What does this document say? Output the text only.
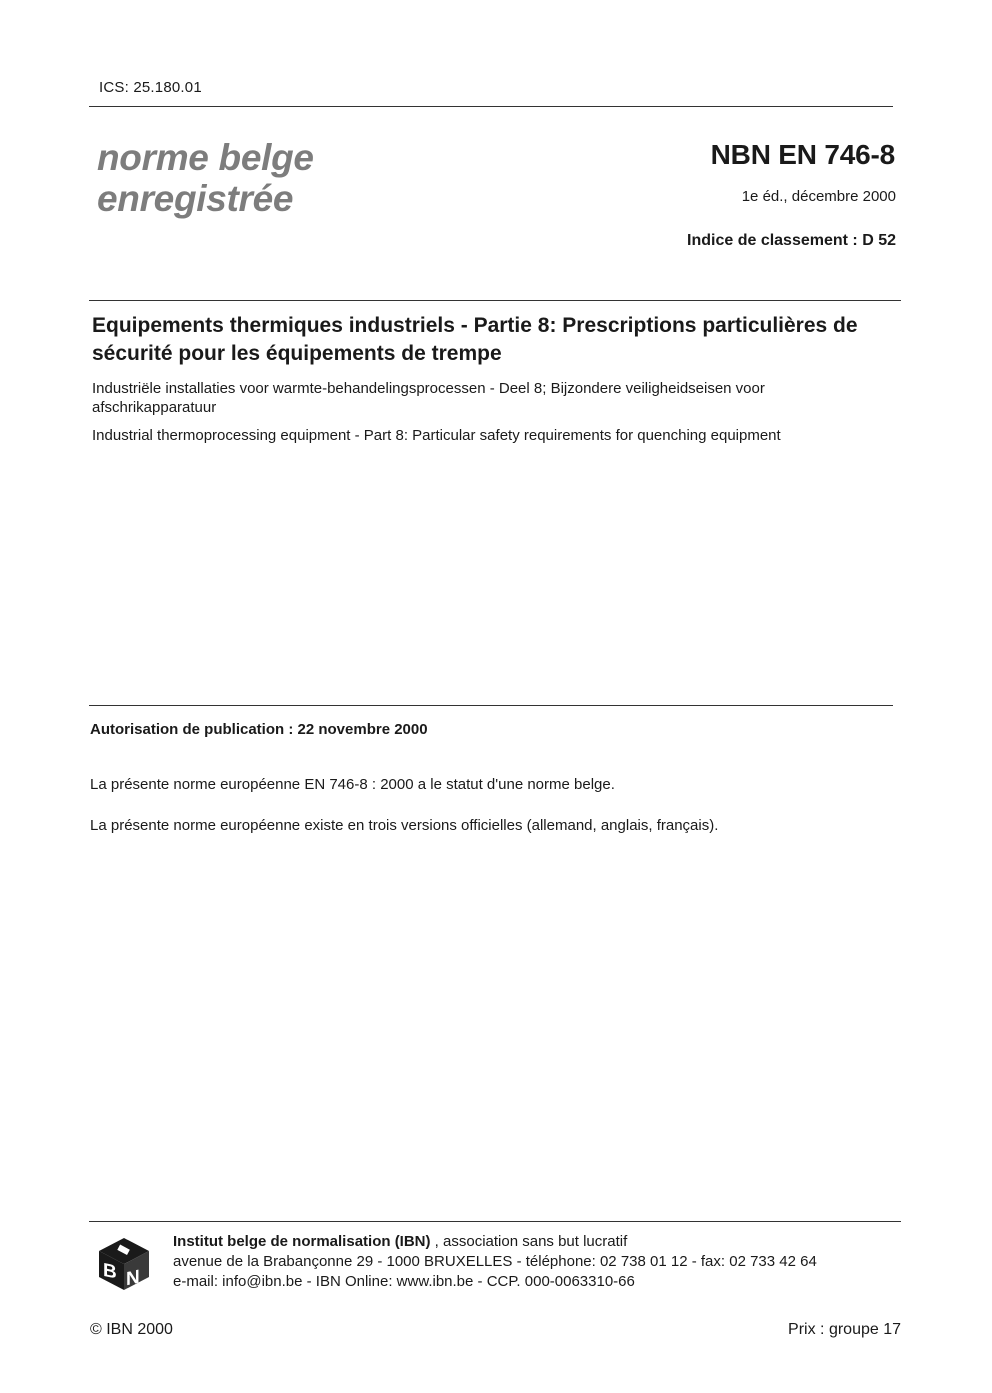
ICS: 25.180.01
norme belge
enregistrée
NBN EN 746-8
1e éd., décembre 2000
Indice de classement : D 52
Equipements thermiques industriels - Partie 8: Prescriptions particulières de sécurité pour les équipements de trempe
Industriële installaties voor warmte-behandelingsprocessen - Deel 8; Bijzondere veiligheidseisen voor afschrikapparatuur
Industrial thermoprocessing equipment - Part 8: Particular safety requirements for quenching equipment
Autorisation de publication : 22 novembre 2000
La présente norme européenne EN 746-8 : 2000 a le statut d'une norme belge.
La présente norme européenne existe en trois versions officielles (allemand, anglais, français).
B N
Institut belge de normalisation (IBN) , association sans but lucratif
avenue de la Brabançonne 29 - 1000 BRUXELLES - téléphone: 02 738 01 12 - fax: 02 733 42 64
e-mail: info@ibn.be - IBN Online: www.ibn.be - CCP. 000-0063310-66
© IBN 2000	Prix : groupe 17
